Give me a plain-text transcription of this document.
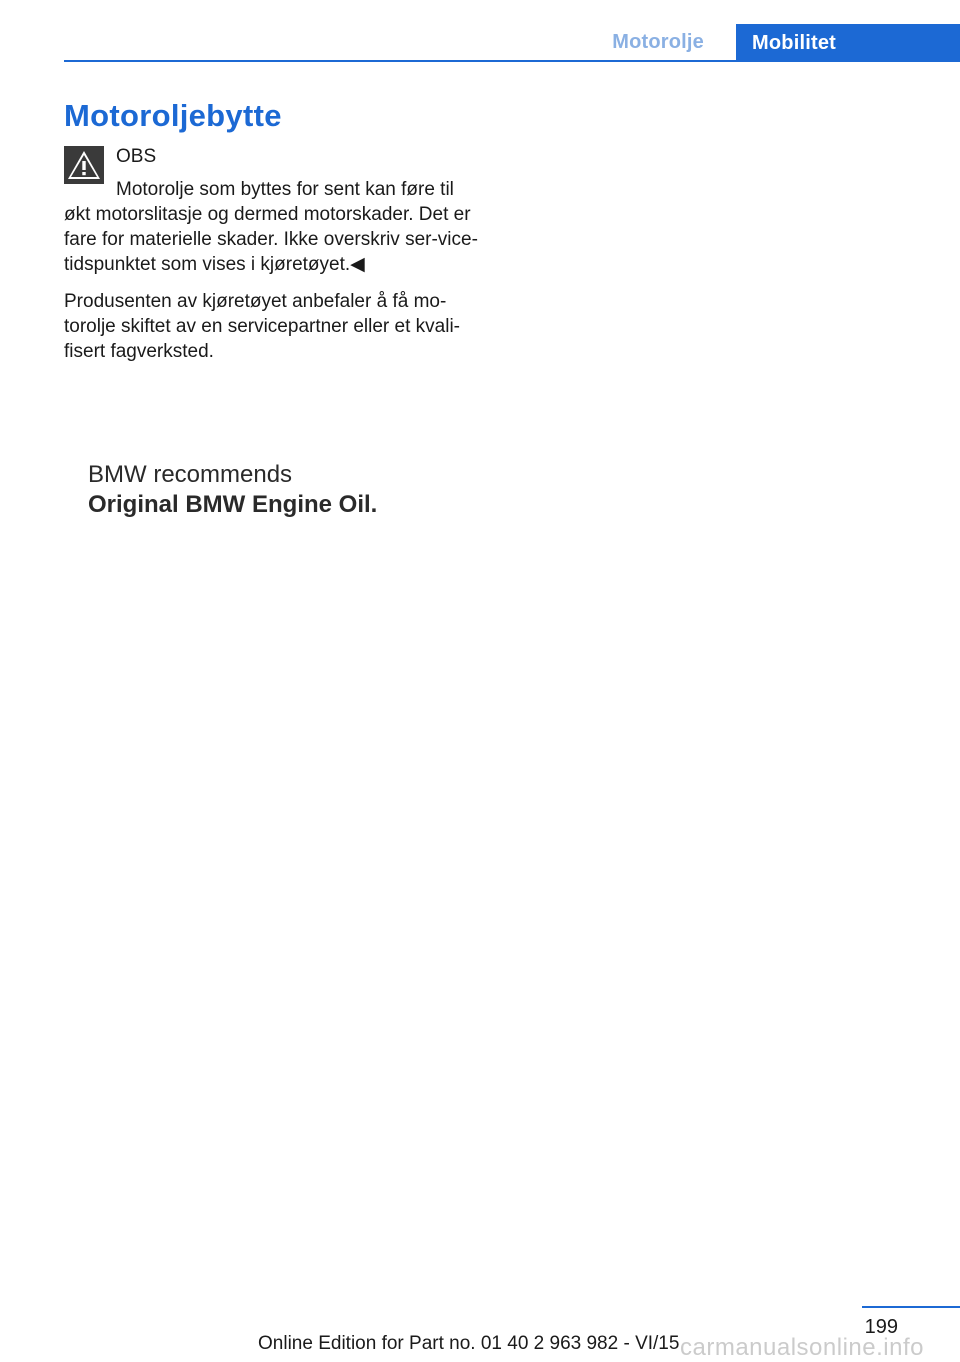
Motorolje	Mobilitet
Motoroljebytte
OBS
Motorolje som byttes for sent kan føre til økt motorslitasje og dermed motorskader. Det er fare for materielle skader. Ikke overskriv ser‐vice-tidspunktet som vises i kjøretøyet.◀

Produsenten av kjøretøyet anbefaler å få mo‐torolje skiftet av en servicepartner eller et kvali‐fisert fagverksted.

BMW recommends
Original BMW Engine Oil.
199
Online Edition for Part no. 01 40 2 963 982 - VI/15 carmanualsonline.info
